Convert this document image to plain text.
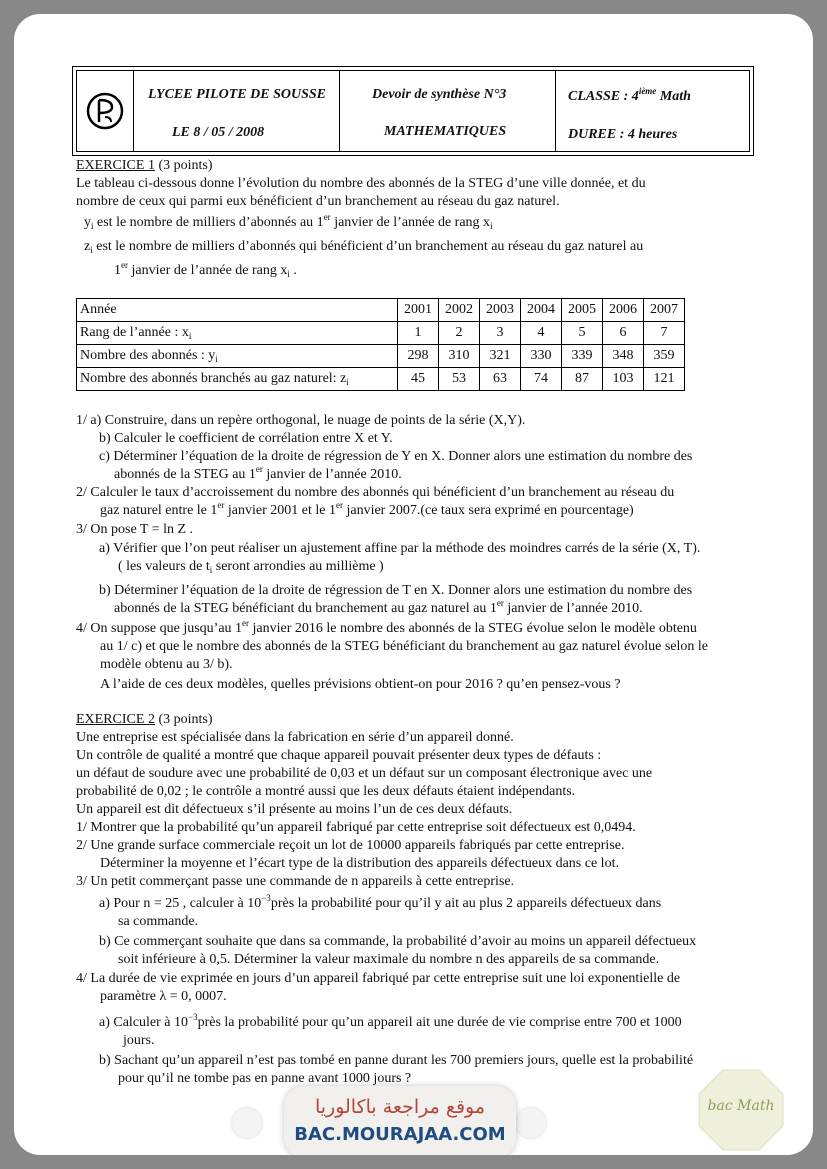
LYCEE PILOTE DE SOUSSE
LE 8 / 05 / 2008
Devoir de synthèse N°3
MATHEMATIQUES
CLASSE : 4ième Math
DUREE : 4 heures
EXERCICE 1 (3 points)
Le tableau ci-dessous donne l’évolution du nombre des abonnés de la STEG d’une ville donnée, et du
nombre de ceux qui parmi eux bénéficient d’un branchement au réseau du gaz naturel.
$y_i$ est le nombre de milliers d’abonnés au 1er janvier de l’année de rang $x_i$
$z_i$ est le nombre de milliers d’abonnés qui bénéficient d’un branchement au réseau du gaz naturel au
1er janvier de l’année de rang $x_i$ .
Année	2001	2002	2003	2004	2005	2006	2007
Rang de l’année : $x_i$	1	2	3	4	5	6	7
Nombre des abonnés : $y_i$	298	310	321	330	339	348	359
Nombre des abonnés branchés au gaz naturel: $z_i$	45	53	63	74	87	103	121
1/ a) Construire, dans un repère orthogonal, le nuage de points de la série (X,Y).
b) Calculer le coefficient de corrélation entre X et Y.
c) Déterminer l’équation de la droite de régression de Y en X. Donner alors une estimation du nombre des
abonnés de la STEG au 1er janvier de l’année 2010.
2/ Calculer le taux d’accroissement du nombre des abonnés qui bénéficient d’un branchement au réseau du
gaz naturel entre le 1er janvier 2001 et le 1er janvier 2007.(ce taux sera exprimé en pourcentage)
3/ On pose T = ln Z .
a) Vérifier que l’on peut réaliser un ajustement affine par la méthode des moindres carrés de la série (X, T).
( les valeurs de $t_i$ seront arrondies au millième )
b) Déterminer l’équation de la droite de régression de T en X. Donner alors une estimation du nombre des
abonnés de la STEG bénéficiant du branchement au gaz naturel au 1er janvier de l’année 2010.
4/ On suppose que jusqu’au 1er janvier 2016 le nombre des abonnés de la STEG évolue selon le modèle obtenu
au 1/ c) et que le nombre des abonnés de la STEG bénéficiant du branchement au gaz naturel évolue selon le
modèle obtenu au 3/ b).
A l’aide de ces deux modèles, quelles prévisions obtient-on pour 2016 ? qu’en pensez-vous ?
EXERCICE 2 (3 points)
Une entreprise est spécialisée dans la fabrication en série d’un appareil donné.
Un contrôle de qualité a montré que chaque appareil pouvait présenter deux types de défauts :
un défaut de soudure avec une probabilité de 0,03 et un défaut sur un composant électronique avec une
probabilité de 0,02 ; le contrôle a montré aussi que les deux défauts étaient indépendants.
Un appareil est dit défectueux s’il présente au moins l’un de ces deux défauts.
1/ Montrer que la probabilité qu’un appareil fabriqué par cette entreprise soit défectueux est 0,0494.
2/ Une grande surface commerciale reçoit un lot de 10000 appareils fabriqués par cette entreprise.
Déterminer la moyenne et l’écart type de la distribution des appareils défectueux dans ce lot.
3/ Un petit commerçant passe une commande de n appareils à cette entreprise.
a) Pour n = 25 , calculer à $10^{-3}près$ la probabilité pour qu’il y ait au plus 2 appareils défectueux dans
sa commande.
b) Ce commerçant souhaite que dans sa commande, la probabilité d’avoir au moins un appareil défectueux
soit inférieure à 0,5. Déterminer la valeur maximale du nombre n des appareils de sa commande.
4/ La durée de vie exprimée en jours d’un appareil fabriqué par cette entreprise suit une loi exponentielle de
paramètre λ = 0, 0007.
a) Calculer à $10^{-3}près$ la probabilité pour qu’un appareil ait une durée de vie comprise entre 700 et 1000
jours.
b) Sachant qu’un appareil n’est pas tombé en panne durant les 700 premiers jours, quelle est la probabilité
pour qu’il ne tombe pas en panne avant 1000 jours ?
موقع مراجعة باكالوريا
BAC.MOURAJAA.COM
bac Math
